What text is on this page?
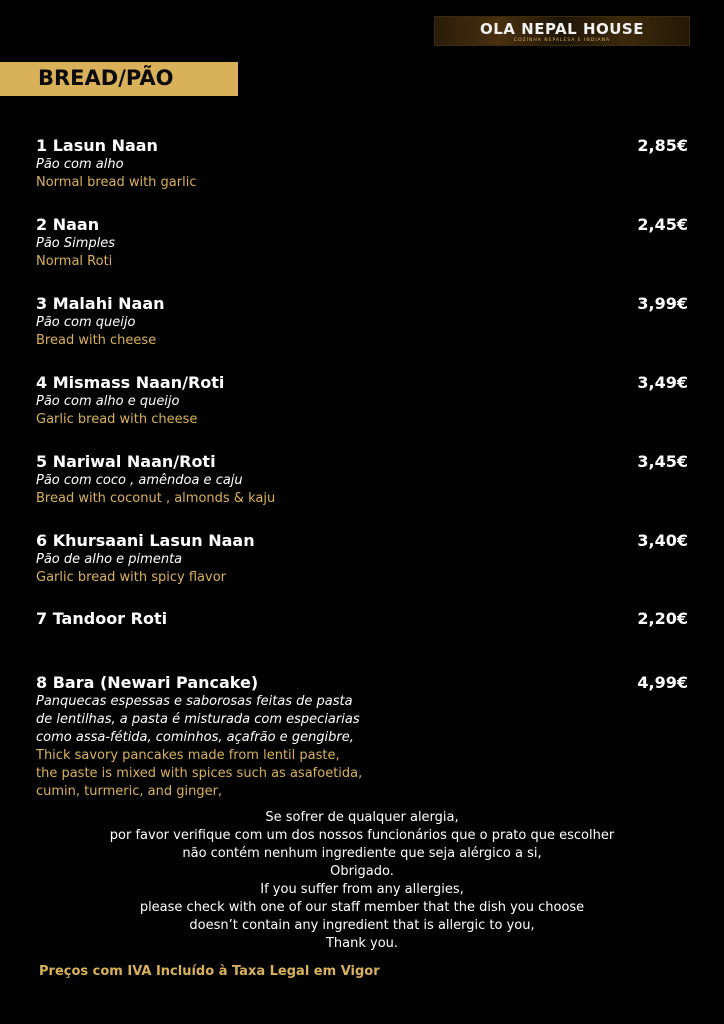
OLA NEPAL HOUSE
COZINHA NEPALESA E INDIANA
BREAD/PÃO
1 Lasun Naan	2,85€
Pão com alho
Normal bread with garlic
2 Naan	2,45€
Pão Simples
Normal Roti
3 Malahi Naan	3,99€
Pão com queijo
Bread with cheese
4 Mismass Naan/Roti	3,49€
Pão com alho e queijo
Garlic bread with cheese
5 Nariwal Naan/Roti	3,45€
Pão com coco , amêndoa e caju
Bread with coconut , almonds & kaju
6 Khursaani Lasun Naan	3,40€
Pão de alho e pimenta
Garlic bread with spicy flavor
7 Tandoor Roti	2,20€
8 Bara (Newari Pancake)	4,99€
Panquecas espessas e saborosas feitas de pasta
de lentilhas, a pasta é misturada com especiarias
como assa-fétida, cominhos, açafrão e gengibre,
Thick savory pancakes made from lentil paste,
the paste is mixed with spices such as asafoetida,
cumin, turmeric, and ginger,
Se sofrer de qualquer alergia,
por favor verifique com um dos nossos funcionários que o prato que escolher
não contém nenhum ingrediente que seja alérgico a si,
Obrigado.
If you suffer from any allergies,
please check with one of our staff member that the dish you choose
doesn’t contain any ingredient that is allergic to you,
Thank you.
Preços com IVA Incluído à Taxa Legal em Vigor
